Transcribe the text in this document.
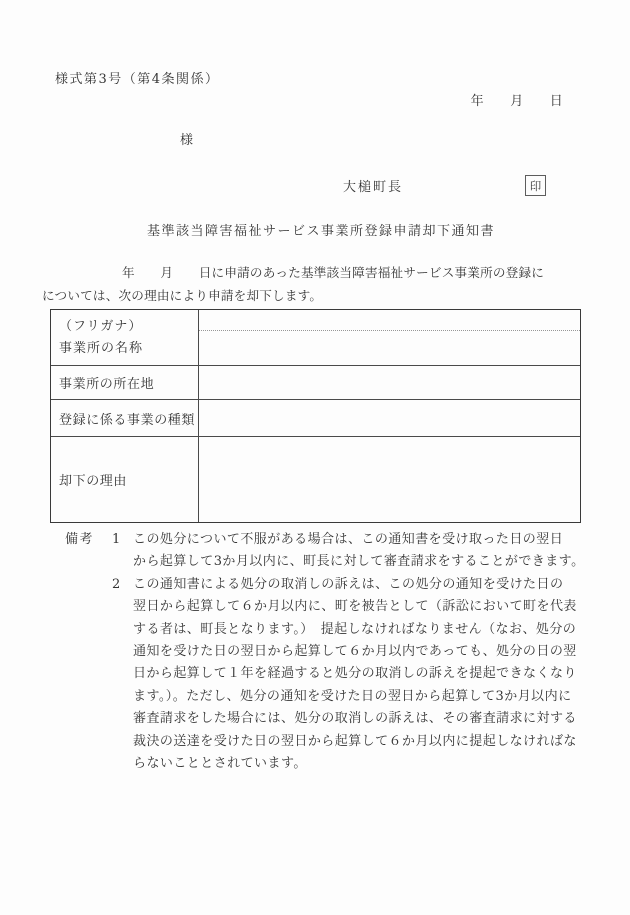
様式第3号（第4条関係）
年　　月　　日
様
大槌町長	印
基準該当障害福祉サービス事業所登録申請却下通知書
年　　月　　日に申請のあった基準該当障害福祉サービス事業所の登録に
については、次の理由により申請を却下します。
（フリガナ）
事業所の名称
事業所の所在地
登録に係る事業の種類
却下の理由
備考	1 この処分について不服がある場合は、この通知書を受け取った日の翌日
から起算して3か月以内に、町長に対して審査請求をすることができます。
2 この通知書による処分の取消しの訴えは、この処分の通知を受けた日の
翌日から起算して６か月以内に、町を被告として（訴訟において町を代表
する者は、町長となります。）　提起しなければなりません（なお、処分の
通知を受けた日の翌日から起算して６か月以内であっても、処分の日の翌
日から起算して１年を経過すると処分の取消しの訴えを提起できなくなり
ます。）。ただし、処分の通知を受けた日の翌日から起算して3か月以内に
審査請求をした場合には、処分の取消しの訴えは、その審査請求に対する
裁決の送達を受けた日の翌日から起算して６か月以内に提起しなければな
らないこととされています。
